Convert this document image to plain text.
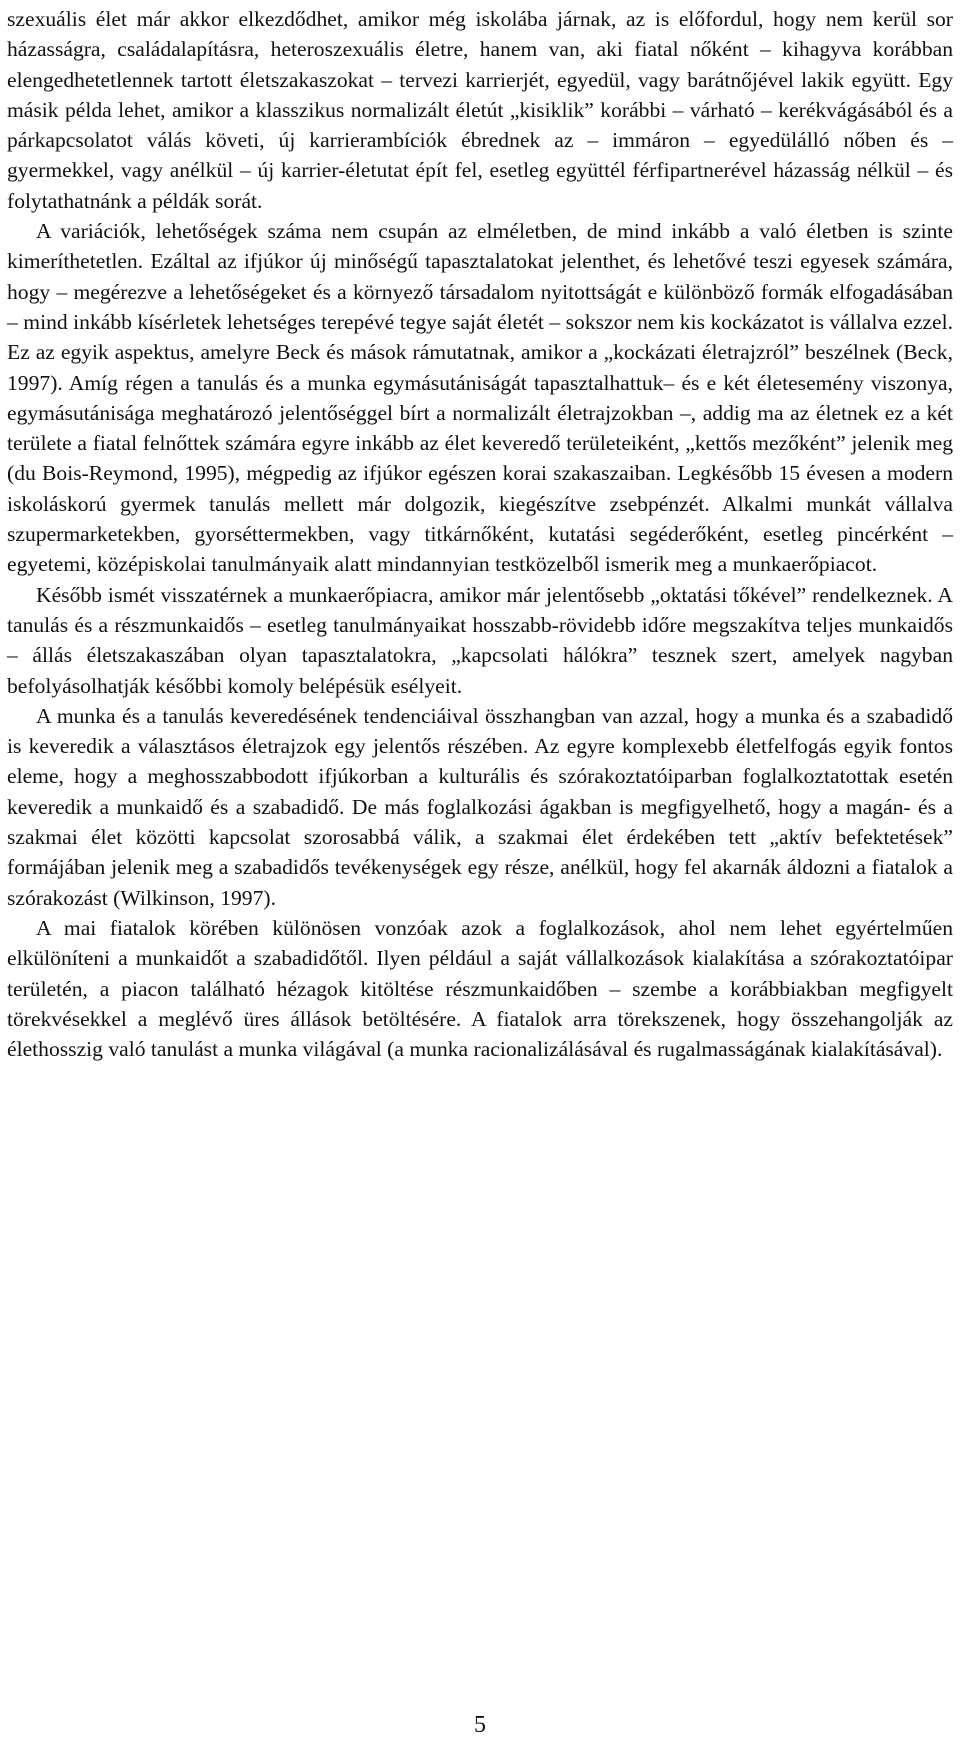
szexuális élet már akkor elkezdődhet, amikor még iskolába járnak, az is előfordul, hogy nem kerül sor házasságra, családalapításra, heteroszexuális életre, hanem van, aki fiatal nőként – kihagyva korábban elengedhetetlennek tartott életszakaszokat – tervezi karrierjét, egyedül, vagy barátnőjével lakik együtt. Egy másik példa lehet, amikor a klasszikus normalizált életút „kisiklik” korábbi – várható – kerékvágásából és a párkapcsolatot válás követi, új karrierambíciók ébrednek az – immáron – egyedülálló nőben és – gyermekkel, vagy anélkül – új karrier-életutat épít fel, esetleg együttél férfipartnerével házasság nélkül – és folytathatnánk a példák sorát.

A variációk, lehetőségek száma nem csupán az elméletben, de mind inkább a való életben is szinte kimeríthetetlen. Ezáltal az ifjúkor új minőségű tapasztalatokat jelenthet, és lehetővé teszi egyesek számára, hogy – megérezve a lehetőségeket és a környező társadalom nyitottságát e különböző formák elfogadásában – mind inkább kísérletek lehetséges terepévé tegye saját életét – sokszor nem kis kockázatot is vállalva ezzel. Ez az egyik aspektus, amelyre Beck és mások rámutatnak, amikor a „kockázati életrajzról” beszélnek (Beck, 1997). Amíg régen a tanulás és a munka egymásutániságát tapasztalhattuk– és e két életesemény viszonya, egymásutánisága meghatározó jelentőséggel bírt a normalizált életrajzokban –, addig ma az életnek ez a két területe a fiatal felnőttek számára egyre inkább az élet keveredő területeiként, „kettős mezőként” jelenik meg (du Bois-Reymond, 1995), mégpedig az ifjúkor egészen korai szakaszaiban. Legkésőbb 15 évesen a modern iskoláskorú gyermek tanulás mellett már dolgozik, kiegészítve zsebpénzét. Alkalmi munkát vállalva szupermarketekben, gyorséttermekben, vagy titkárnőként, kutatási segéderőként, esetleg pincérként – egyetemi, középiskolai tanulmányaik alatt mindannyian testközelből ismerik meg a munkaerőpiacot.

Később ismét visszatérnek a munkaerőpiacra, amikor már jelentősebb „oktatási tőkével” rendelkeznek. A tanulás és a részmunkaidős – esetleg tanulmányaikat hosszabb-rövidebb időre megszakítva teljes munkaidős – állás életszakaszában olyan tapasztalatokra, „kapcsolati hálókra” tesznek szert, amelyek nagyban befolyásolhatják későbbi komoly belépésük esélyeit.

A munka és a tanulás keveredésének tendenciáival összhangban van azzal, hogy a munka és a szabadidő is keveredik a választásos életrajzok egy jelentős részében. Az egyre komplexebb életfelfogás egyik fontos eleme, hogy a meghosszabbodott ifjúkorban a kulturális és szórakoztatóiparban foglalkoztatottak esetén keveredik a munkaidő és a szabadidő. De más foglalkozási ágakban is megfigyelhető, hogy a magán- és a szakmai élet közötti kapcsolat szorosabbá válik, a szakmai élet érdekében tett „aktív befektetések” formájában jelenik meg a szabadidős tevékenységek egy része, anélkül, hogy fel akarnák áldozni a fiatalok a szórakozást (Wilkinson, 1997).

A mai fiatalok körében különösen vonzóak azok a foglalkozások, ahol nem lehet egyértelműen elkülöníteni a munkaidőt a szabadidőtől. Ilyen például a saját vállalkozások kialakítása a szórakoztatóipar területén, a piacon található hézagok kitöltése részmunkaidőben – szembe a korábbiakban megfigyelt törekvésekkel a meglévő üres állások betöltésére. A fiatalok arra törekszenek, hogy összehangolják az élethosszig való tanulást a munka világával (a munka racionalizálásával és rugalmasságának kialakításával).

5
